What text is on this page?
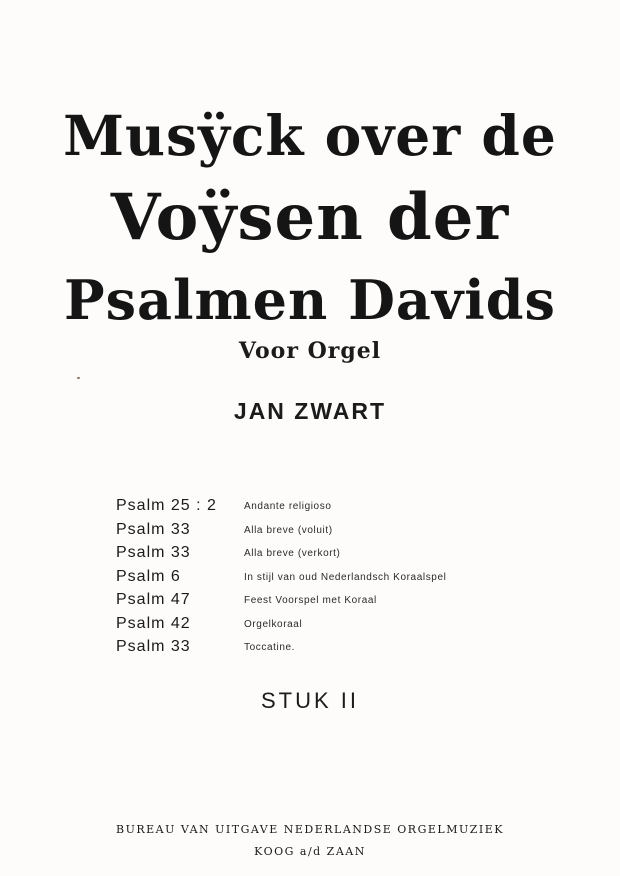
Musÿck over de
Voÿsen der
Psalmen Davids
Voor Orgel
JAN ZWART
Psalm 25 : 2	Andante religioso
Psalm 33	Alla breve (voluit)
Psalm 33	Alla breve (verkort)
Psalm 6	In stijl van oud Nederlandsch Koraalspel
Psalm 47	Feest Voorspel met Koraal
Psalm 42	Orgelkoraal
Psalm 33	Toccatine.
STUK II
BUREAU VAN UITGAVE NEDERLANDSE ORGELMUZIEK
KOOG a/d ZAAN
